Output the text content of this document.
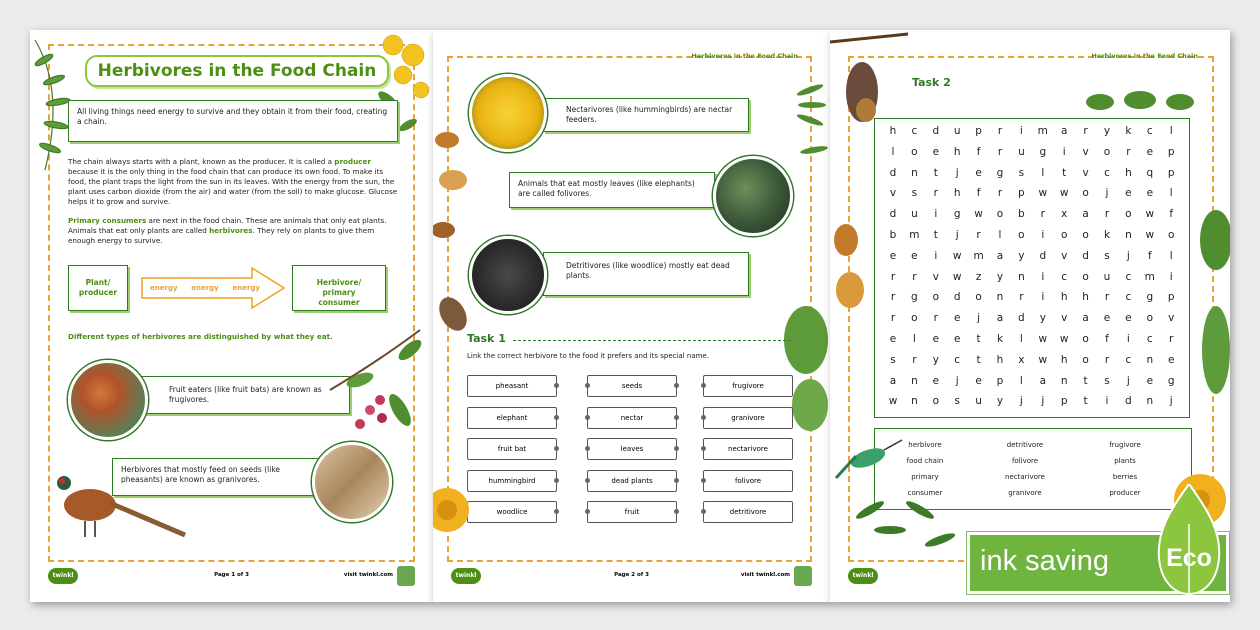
Herbivores in the Food Chain
All living things need energy to survive and they obtain it from their food, creating a chain.
The chain always starts with a plant, known as the producer. It is called a producer because it is the only thing in the food chain that can produce its own food. To make its food, the plant traps the light from the sun in its leaves. With the energy from the sun, the plant uses carbon dioxide (from the air) and water (from the soil) to make glucose. Glucose helps it to grow and survive.
Primary consumers are next in the food chain. These are animals that only eat plants. Animals that eat only plants are called herbivores. They rely on plants to give them enough energy to survive.
Plant/ producer
energy energy energy
Herbivore/ primary consumer
Different types of herbivores are distinguished by what they eat.
Fruit eaters (like fruit bats) are known as frugivores.
Herbivores that mostly feed on seeds (like pheasants) are known as granivores.
twinkl	Page 1 of 3	visit twinkl.com
Herbivores in the Food Chain
Nectarivores (like hummingbirds) are nectar feeders.
Animals that eat mostly leaves (like elephants) are called folivores.
Detritivores (like woodlice) mostly eat dead plants.
Task 1
Link the correct herbivore to the food it prefers and its special name.
pheasant	seeds	frugivore
elephant	nectar	granivore
fruit bat	leaves	nectarivore
hummingbird	dead plants	folivore
woodlice	fruit	detritivore
twinkl	Page 2 of 3	visit twinkl.com
Herbivores in the Food Chain
Task 2
h	c	d	u	p	r	i	m	a	r	y	k	c	l
l	o	e	h	f	r	u	g	i	v	o	r	e	p
d	n	t	j	e	g	s	l	t	v	c	h	q	p
v	s	r	h	f	r	p	w	w	o	j	e	e	l
d	u	i	g	w	o	b	r	x	a	r	o	w	f
b	m	t	j	r	l	o	i	o	o	k	n	w	o
e	e	i	w	m	a	y	d	v	d	s	j	f	l
r	r	v	w	z	y	n	i	c	o	u	c	m	i
r	g	o	d	o	n	r	i	h	h	r	c	g	p
r	o	r	e	j	a	d	y	v	a	e	e	o	v
e	l	e	e	t	k	l	w	w	o	f	i	c	r
s	r	y	c	t	h	x	w	h	o	r	c	n	e
a	n	e	j	e	p	l	a	n	t	s	j	e	g
w	n	o	s	u	y	j	j	p	t	i	d	n	j
herbivore	detritivore	frugivore
food chain	folivore	plants
primary	nectarivore	berries
consumer	granivore	producer
twinkl	ink saving Eco
